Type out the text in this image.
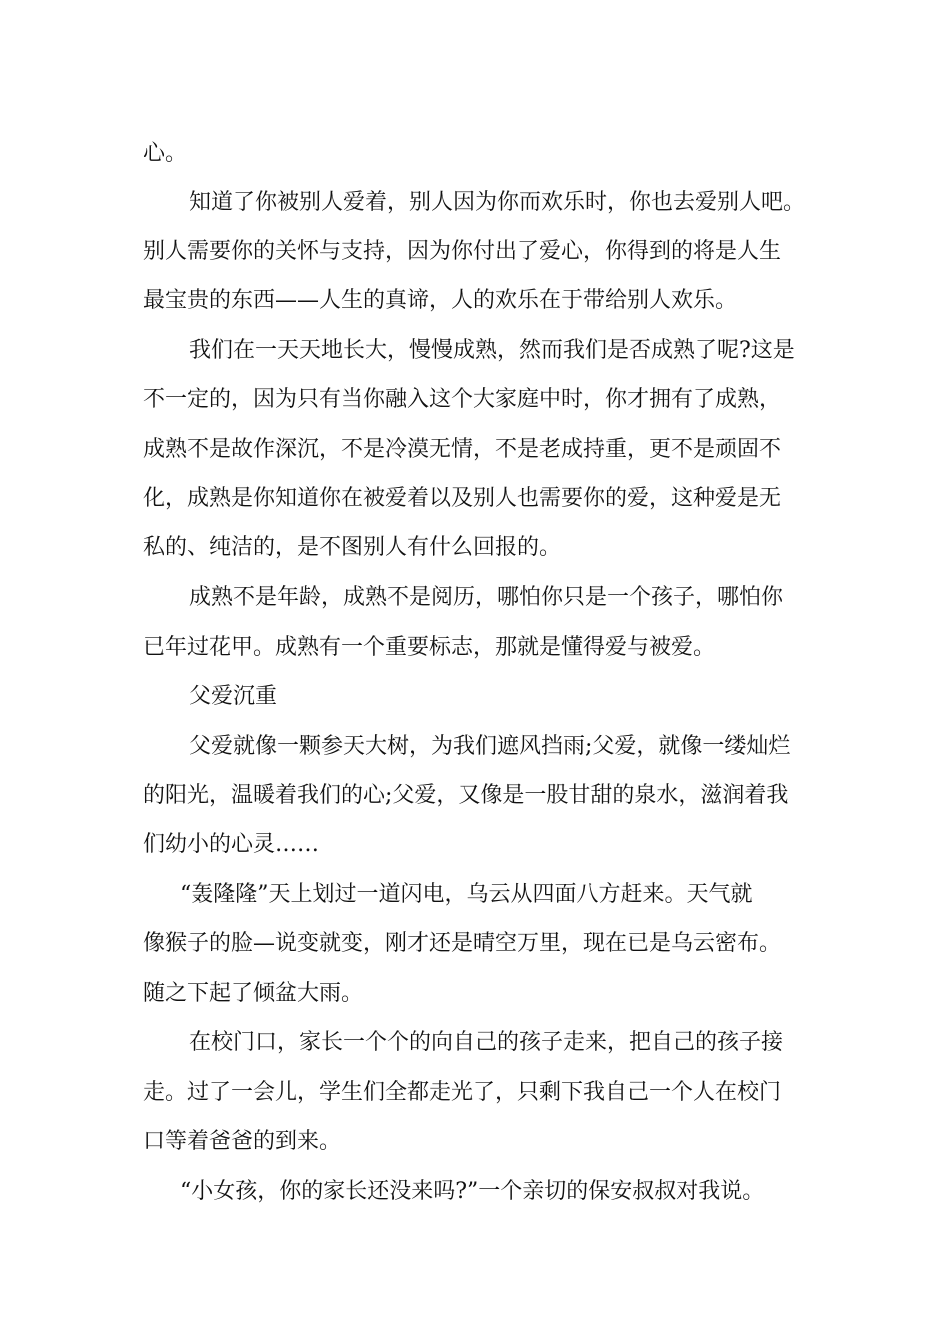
心。
知道了你被别人爱着，别人因为你而欢乐时，你也去爱别人吧。
别人需要你的关怀与支持，因为你付出了爱心，你得到的将是人生
最宝贵的东西——人生的真谛，人的欢乐在于带给别人欢乐。
我们在一天天地长大，慢慢成熟，然而我们是否成熟了呢?这是
不一定的，因为只有当你融入这个大家庭中时，你才拥有了成熟，
成熟不是故作深沉，不是冷漠无情，不是老成持重，更不是顽固不
化，成熟是你知道你在被爱着以及别人也需要你的爱，这种爱是无
私的、纯洁的，是不图别人有什么回报的。
成熟不是年龄，成熟不是阅历，哪怕你只是一个孩子，哪怕你
已年过花甲。成熟有一个重要标志，那就是懂得爱与被爱。
父爱沉重
父爱就像一颗参天大树，为我们遮风挡雨;父爱，就像一缕灿烂
的阳光，温暖着我们的心;父爱，又像是一股甘甜的泉水，滋润着我
们幼小的心灵……
“轰隆隆”天上划过一道闪电，乌云从四面八方赶来。天气就
像猴子的脸—说变就变，刚才还是晴空万里，现在已是乌云密布。
随之下起了倾盆大雨。
在校门口，家长一个个的向自己的孩子走来，把自己的孩子接
走。过了一会儿，学生们全都走光了，只剩下我自己一个人在校门
口等着爸爸的到来。
“小女孩，你的家长还没来吗?”一个亲切的保安叔叔对我说。
